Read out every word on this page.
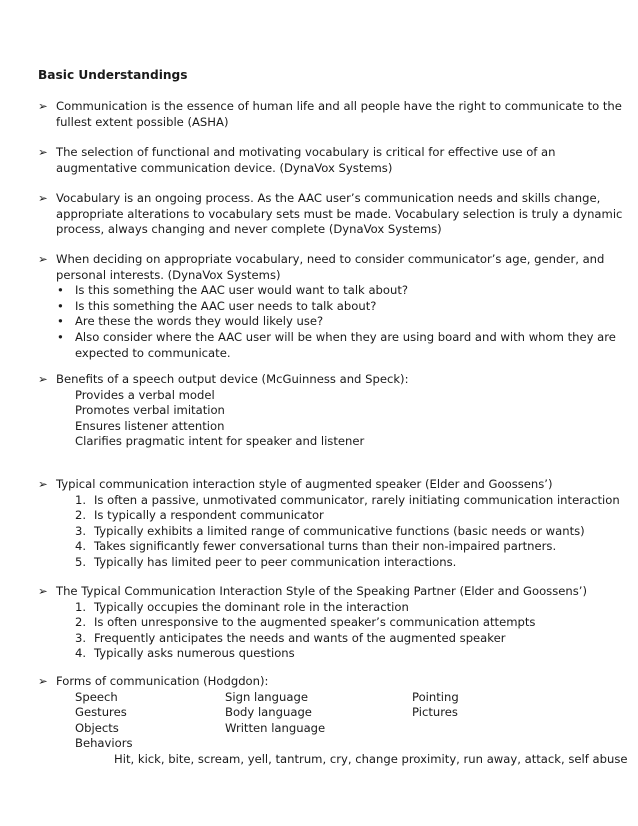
Basic Understandings
➢ Communication is the essence of human life and all people have the right to communicate to the
fullest extent possible (ASHA)
➢ The selection of functional and motivating vocabulary is critical for effective use of an
augmentative communication device. (DynaVox Systems)
➢ Vocabulary is an ongoing process. As the AAC user’s communication needs and skills change,
appropriate alterations to vocabulary sets must be made. Vocabulary selection is truly a dynamic
process, always changing and never complete (DynaVox Systems)
➢ When deciding on appropriate vocabulary, need to consider communicator’s age, gender, and
personal interests. (DynaVox Systems)
• Is this something the AAC user would want to talk about?
• Is this something the AAC user needs to talk about?
• Are these the words they would likely use?
• Also consider where the AAC user will be when they are using board and with whom they are
expected to communicate.
➢ Benefits of a speech output device (McGuinness and Speck):
Provides a verbal model
Promotes verbal imitation
Ensures listener attention
Clarifies pragmatic intent for speaker and listener
➢ Typical communication interaction style of augmented speaker (Elder and Goossens’)
1. Is often a passive, unmotivated communicator, rarely initiating communication interaction
2. Is typically a respondent communicator
3. Typically exhibits a limited range of communicative functions (basic needs or wants)
4. Takes significantly fewer conversational turns than their non-impaired partners.
5. Typically has limited peer to peer communication interactions.
➢ The Typical Communication Interaction Style of the Speaking Partner (Elder and Goossens’)
1. Typically occupies the dominant role in the interaction
2. Is often unresponsive to the augmented speaker’s communication attempts
3. Frequently anticipates the needs and wants of the augmented speaker
4. Typically asks numerous questions
➢ Forms of communication (Hodgdon):
Speech
Gestures
Objects
Behaviors
Sign language
Body language
Written language
Pointing
Pictures
Hit, kick, bite, scream, yell, tantrum, cry, change proximity, run away, attack, self abuse
